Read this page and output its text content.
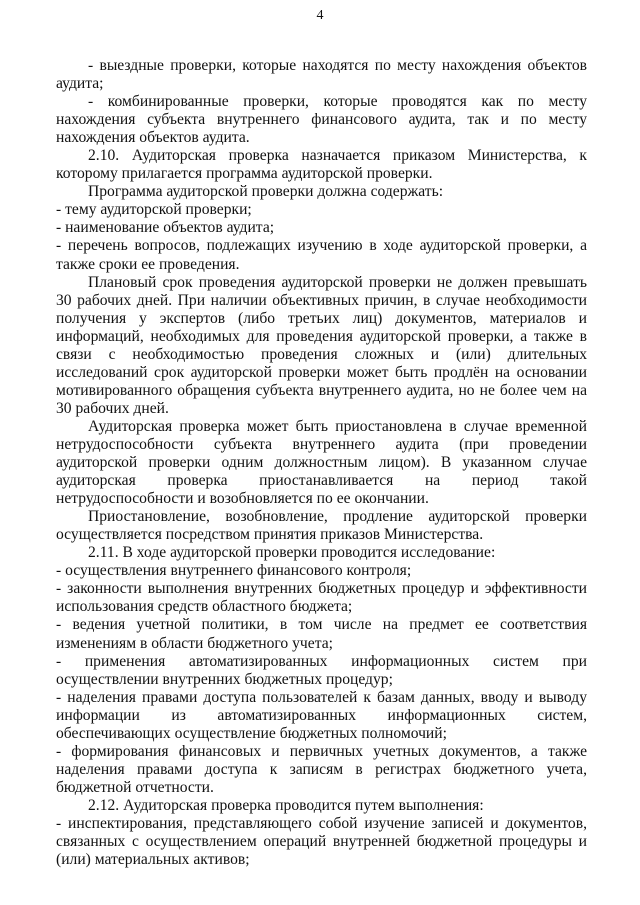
4

- выездные проверки, которые находятся по месту нахождения объектов аудита;

- комбинированные проверки, которые проводятся как по месту нахождения субъекта внутреннего финансового аудита, так и по месту нахождения объектов аудита.

2.10. Аудиторская проверка назначается приказом Министерства, к которому прилагается программа аудиторской проверки.

Программа аудиторской проверки должна содержать:

- тему аудиторской проверки;

- наименование объектов аудита;

- перечень вопросов, подлежащих изучению в ходе аудиторской проверки, а также сроки ее проведения.

Плановый срок проведения аудиторской проверки не должен превышать 30 рабочих дней. При наличии объективных причин, в случае необходимости получения у экспертов (либо третьих лиц) документов, материалов и информаций, необходимых для проведения аудиторской проверки, а также в связи с необходимостью проведения сложных и (или) длительных исследований срок аудиторской проверки может быть продлён на основании мотивированного обращения субъекта внутреннего аудита, но не более чем на 30 рабочих дней.

Аудиторская проверка может быть приостановлена в случае временной нетрудоспособности субъекта внутреннего аудита (при проведении аудиторской проверки одним должностным лицом). В указанном случае аудиторская проверка приостанавливается на период такой нетрудоспособности и возобновляется по ее окончании.

Приостановление, возобновление, продление аудиторской проверки осуществляется посредством принятия приказов Министерства.

2.11. В ходе аудиторской проверки проводится исследование:

- осуществления внутреннего финансового контроля;

- законности выполнения внутренних бюджетных процедур и эффективности использования средств областного бюджета;

- ведения учетной политики, в том числе на предмет ее соответствия изменениям в области бюджетного учета;

- применения автоматизированных информационных систем при осуществлении внутренних бюджетных процедур;

- наделения правами доступа пользователей к базам данных, вводу и выводу информации из автоматизированных информационных систем, обеспечивающих осуществление бюджетных полномочий;

- формирования финансовых и первичных учетных документов, а также наделения правами доступа к записям в регистрах бюджетного учета, бюджетной отчетности.

2.12. Аудиторская проверка проводится путем выполнения:

- инспектирования, представляющего собой изучение записей и документов, связанных с осуществлением операций внутренней бюджетной процедуры и (или) материальных активов;
